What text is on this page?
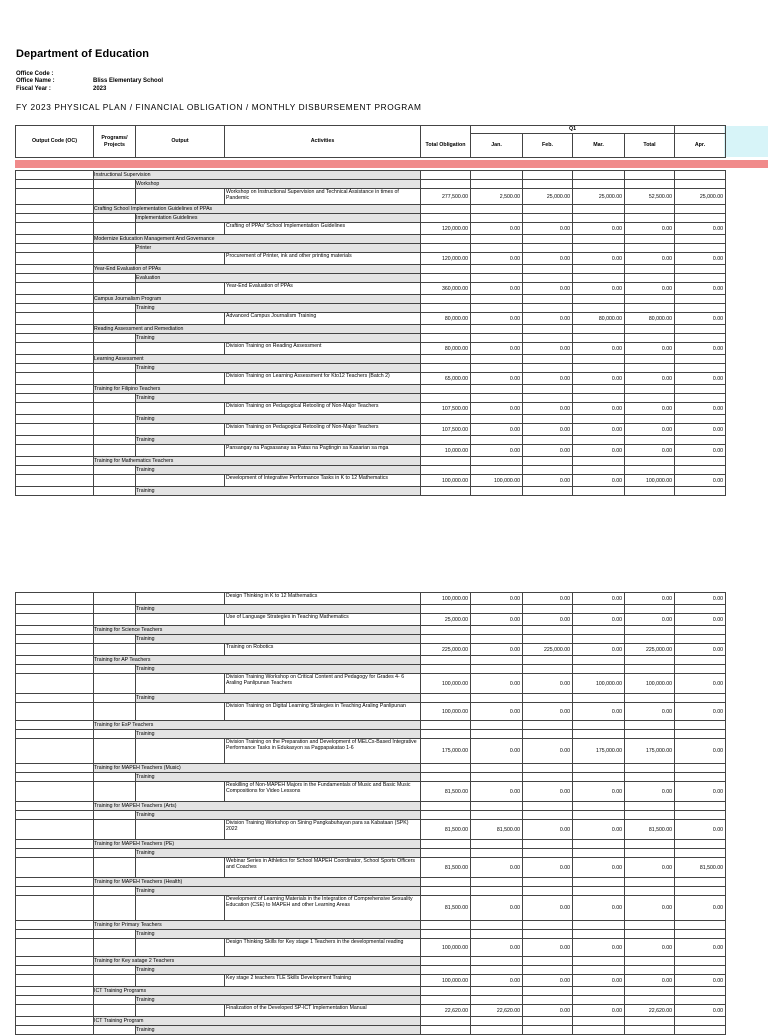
Department of Education
Office Code :
Office Name :	Bliss Elementary School
Fiscal Year :	2023
FY 2023 PHYSICAL PLAN / FINANCIAL OBLIGATION / MONTHLY DISBURSEMENT PROGRAM
Output Code (OC)	Programs/ Projects	Output	Activities		Q1				
				Total Obligation	Jan.	Feb.	Mar.	Total	Apr.
	Instructional Supervision								
		Workshop							
			Workshop on Instructional Supervision and Technical Assistance in times of Pandemic	277,500.00	2,500.00	25,000.00	25,000.00	52,500.00	25,000.00
	Crafting School Implementation Guidelines of PPAs								
		Implementation Guidelines							
			Crafting of PPAs' School Implementation Guidelines	120,000.00	0.00	0.00	0.00	0.00	0.00
	Modernize Education Management And Governance								
		Printer							
			Procurement of Printer, ink and other printing materials	120,000.00	0.00	0.00	0.00	0.00	0.00
	Year-End Evaluation of PPAs								
		Evaluation							
			Year-End Evaluation of PPAs	360,000.00	0.00	0.00	0.00	0.00	0.00
	Campus Journalism Program								
		Training							
			Advanced Campus Journalism Training	80,000.00	0.00	0.00	80,000.00	80,000.00	0.00
	Reading Assessment and Remediation								
		Training							
			Division Training on Reading Assessment	80,000.00	0.00	0.00	0.00	0.00	0.00
	Learning Assessment								
		Training							
			Division Training on Learning Assessment for Kto12 Teachers (Batch 2)	65,000.00	0.00	0.00	0.00	0.00	0.00
	Training for Filipino Teachers								
		Training							
			Division Training on Pedagogical Retooling of Non-Major Teachers	107,500.00	0.00	0.00	0.00	0.00	0.00
		Training							
			Division Training on Pedagogical Retooling of Non-Major Teachers	107,500.00	0.00	0.00	0.00	0.00	0.00
		Training							
			Pansangay na Pagsasanay sa Patas na Pagtingin sa Kasarian sa mga	10,000.00	0.00	0.00	0.00	0.00	0.00
	Training for Mathematics Teachers								
		Training							
			Development of Integrative Performance Tasks in K to 12 Mathematics	100,000.00	100,000.00	0.00	0.00	100,000.00	0.00
		Training							
			Design Thinking in K to 12 Mathematics	100,000.00	0.00	0.00	0.00	0.00	0.00
		Training							
			Use of Language Strategies in Teaching Mathematics	25,000.00	0.00	0.00	0.00	0.00	0.00
	Training for Science Teachers								
		Training							
			Training on Robotics	225,000.00	0.00	225,000.00	0.00	225,000.00	0.00
	Training for AP Teachers								
		Training							
			Division Training Workshop on Critical Content and Pedagogy for Grades 4- 6 Araling Panlipunan Teachers	100,000.00	0.00	0.00	100,000.00	100,000.00	0.00
		Training							
			Division Training on Digital Learning Strategies in Teaching Araling Panlipunan	100,000.00	0.00	0.00	0.00	0.00	0.00
	Training for EsP Teachers								
		Training							
			Division Training on the Preparation and Development of MELCs-Based Integrative Performance Tasks in Edukasyon sa Pagpapakatao 1-6	175,000.00	0.00	0.00	175,000.00	175,000.00	0.00
	Training for MAPEH Teachers (Music)								
		Training							
			Reskilling of Non-MAPEH Majors in the Fundamentals of Music and Basic Music Compositions for Video Lessons	81,500.00	0.00	0.00	0.00	0.00	0.00
	Training for MAPEH Teachers (Arts)								
		Training							
			Division Training Workshop on Sining Pangkabuhayan para sa Kabataan (SPK) 2022	81,500.00	81,500.00	0.00	0.00	81,500.00	0.00
	Training for MAPEH Teachers (PE)								
		Training							
			Webinar Series in Athletics for School MAPEH Coordinator, School Sports Officers and Coaches	81,500.00	0.00	0.00	0.00	0.00	81,500.00
	Training for MAPEH Teachers (Health)								
		Training							
			Development of Learning Materials in the Integration of Comprehensive Sexuality Education (CSE) to MAPEH and other Learning Areas	81,500.00	0.00	0.00	0.00	0.00	0.00
	Training for Primary Teachers								
		Training							
			Design Thinking Skills for Key stage 1 Teachers in the developmental reading	100,000.00	0.00	0.00	0.00	0.00	0.00
	Training for Key satage 2 Teachers								
		Training							
			Key stage 2 teachers TLE Skills Development Training	100,000.00	0.00	0.00	0.00	0.00	0.00
	ICT Training Programs								
		Training							
			Finalization of the Developed SP-ICT Implementation Manual	22,620.00	22,620.00	0.00	0.00	22,620.00	0.00
	ICT Training Program								
		Training							
